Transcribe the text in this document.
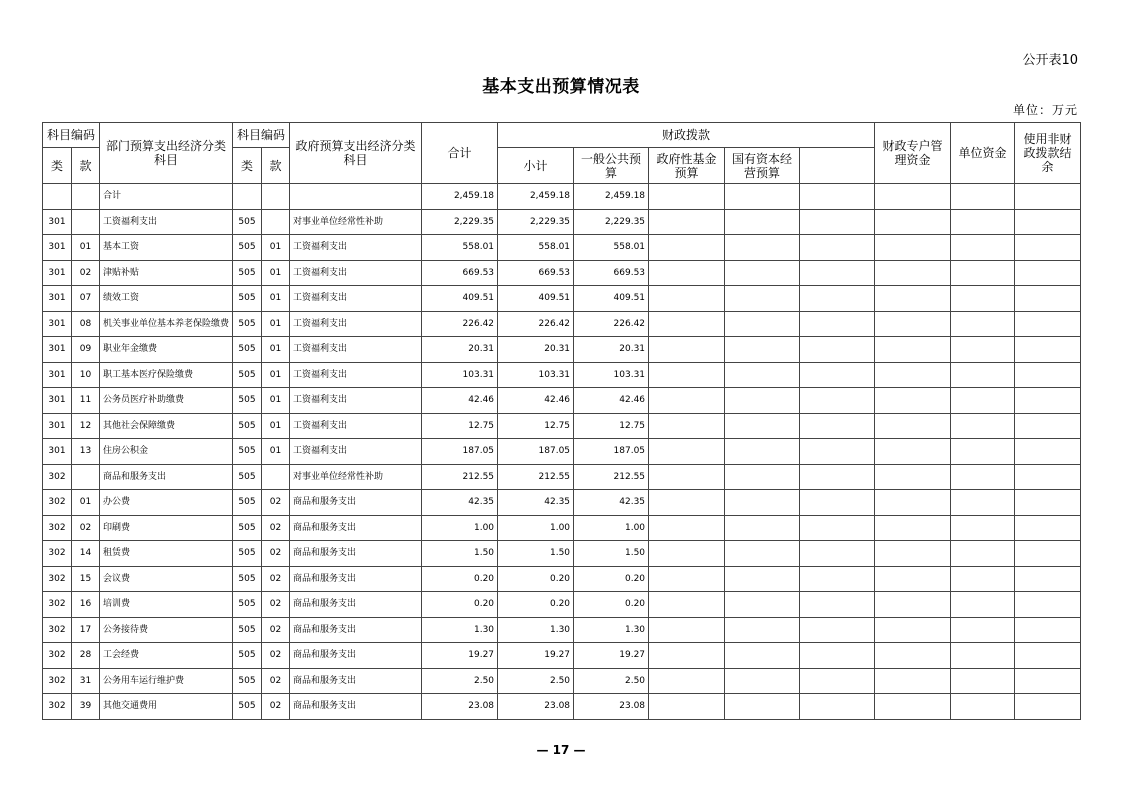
公开表10
基本支出预算情况表
单位：万元
科目编码		部门预算支出经济分类科目	科目编码		政府预算支出经济分类科目	合计	财政拨款					财政专户管理资金	单位资金	使用非财政拨款结余	
类	款		类	款			小计	一般公共预算	政府性基金预算	国有资本经营预算					
		合计				2,459.18	2,459.18	2,459.18							
301		工资福利支出	505		对事业单位经常性补助	2,229.35	2,229.35	2,229.35							
301	01	基本工资	505	01	工资福利支出	558.01	558.01	558.01							
301	02	津贴补贴	505	01	工资福利支出	669.53	669.53	669.53							
301	07	绩效工资	505	01	工资福利支出	409.51	409.51	409.51							
301	08	机关事业单位基本养老保险缴费	505	01	工资福利支出	226.42	226.42	226.42							
301	09	职业年金缴费	505	01	工资福利支出	20.31	20.31	20.31							
301	10	职工基本医疗保险缴费	505	01	工资福利支出	103.31	103.31	103.31							
301	11	公务员医疗补助缴费	505	01	工资福利支出	42.46	42.46	42.46							
301	12	其他社会保障缴费	505	01	工资福利支出	12.75	12.75	12.75							
301	13	住房公积金	505	01	工资福利支出	187.05	187.05	187.05							
302		商品和服务支出	505		对事业单位经常性补助	212.55	212.55	212.55							
302	01	办公费	505	02	商品和服务支出	42.35	42.35	42.35							
302	02	印刷费	505	02	商品和服务支出	1.00	1.00	1.00							
302	14	租赁费	505	02	商品和服务支出	1.50	1.50	1.50							
302	15	会议费	505	02	商品和服务支出	0.20	0.20	0.20							
302	16	培训费	505	02	商品和服务支出	0.20	0.20	0.20							
302	17	公务接待费	505	02	商品和服务支出	1.30	1.30	1.30							
302	28	工会经费	505	02	商品和服务支出	19.27	19.27	19.27							
302	31	公务用车运行维护费	505	02	商品和服务支出	2.50	2.50	2.50							
302	39	其他交通费用	505	02	商品和服务支出	23.08	23.08	23.08							
— 17 —
